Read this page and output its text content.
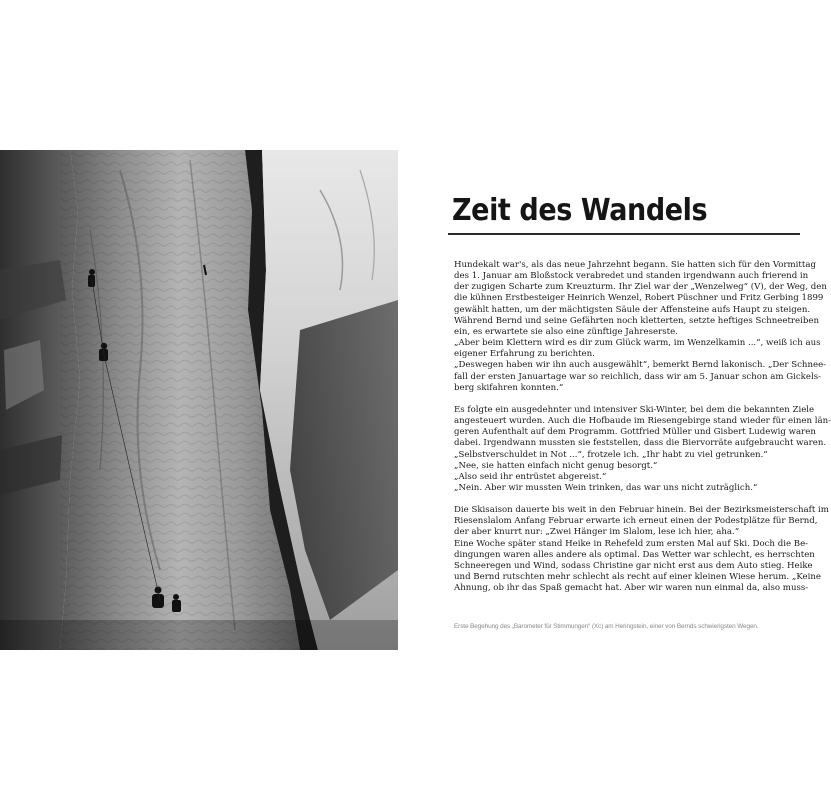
Zeit des Wandels
Hundekalt war's, als das neue Jahrzehnt begann. Sie hatten sich für den Vormittag
des 1. Januar am Bloßstock verabredet und standen irgendwann auch frierend in
der zugigen Scharte zum Kreuzturm. Ihr Ziel war der „Wenzelweg“ (V), der Weg, den
die kühnen Erstbesteiger Heinrich Wenzel, Robert Püschner und Fritz Gerbing 1899
gewählt hatten, um der mächtigsten Säule der Affensteine aufs Haupt zu steigen.
Während Bernd und seine Gefährten noch kletterten, setzte heftiges Schneetreiben
ein, es erwartete sie also eine zünftige Jahreserste.
„Aber beim Klettern wird es dir zum Glück warm, im Wenzelkamin ...“, weiß ich aus
eigener Erfahrung zu berichten.
„Deswegen haben wir ihn auch ausgewählt“, bemerkt Bernd lakonisch. „Der Schnee-
fall der ersten Januartage war so reichlich, dass wir am 5. Januar schon am Gickels-
berg skifahren konnten.“
Es folgte ein ausgedehnter und intensiver Ski-Winter, bei dem die bekannten Ziele
angesteuert wurden. Auch die Hofbaude im Riesengebirge stand wieder für einen län-
geren Aufenthalt auf dem Programm. Gottfried Müller und Gisbert Ludewig waren
dabei. Irgendwann mussten sie feststellen, dass die Biervorräte aufgebraucht waren.
„Selbstverschuldet in Not ...“, frotzele ich. „Ihr habt zu viel getrunken.“
„Nee, sie hatten einfach nicht genug besorgt.“
„Also seid ihr entrüstet abgereist.“
„Nein. Aber wir mussten Wein trinken, das war uns nicht zuträglich.“
Die Skisaison dauerte bis weit in den Februar hinein. Bei der Bezirksmeisterschaft im
Riesenslalom Anfang Februar erwarte ich erneut einen der Podestplätze für Bernd,
der aber knurrt nur: „Zwei Hänger im Slalom, lese ich hier, aha.“
Eine Woche später stand Heike in Rehefeld zum ersten Mal auf Ski. Doch die Be-
dingungen waren alles andere als optimal. Das Wetter war schlecht, es herrschten
Schneeregen und Wind, sodass Christine gar nicht erst aus dem Auto stieg. Heike
und Bernd rutschten mehr schlecht als recht auf einer kleinen Wiese herum. „Keine
Ahnung, ob ihr das Spaß gemacht hat. Aber wir waren nun einmal da, also muss-
Erste Begehung des „Barometer für Stimmungen“ (Xc) am Heringstein, einer von Bernds schwierigsten Wegen.
